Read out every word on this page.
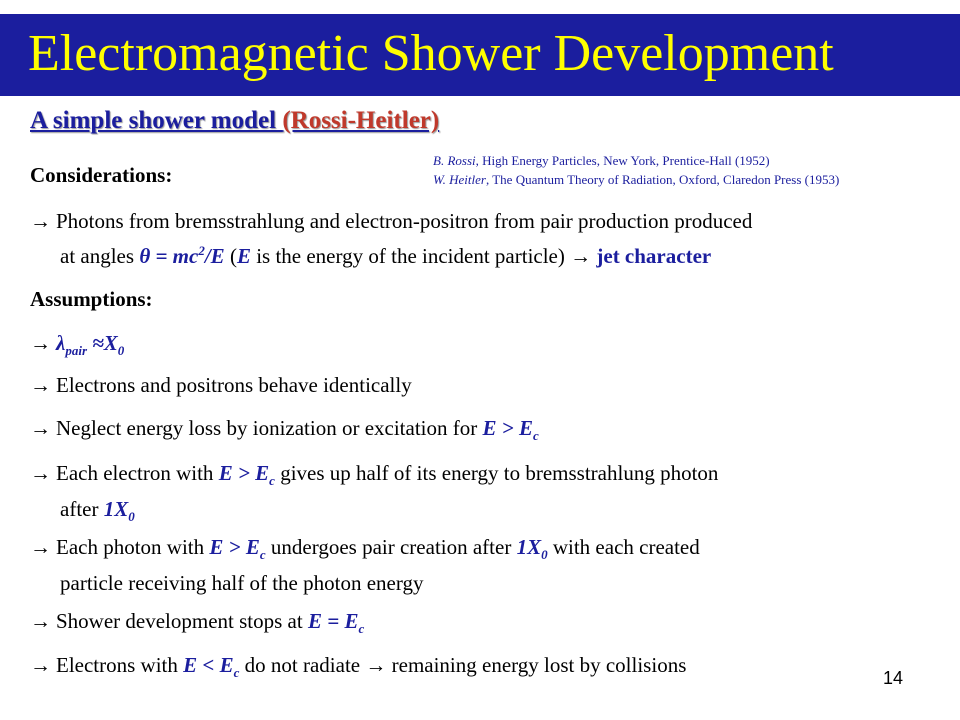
Electromagnetic Shower Development
A simple shower model (Rossi-Heitler)
B. Rossi, High Energy Particles, New York, Prentice-Hall (1952)
W. Heitler, The Quantum Theory of Radiation, Oxford, Claredon Press (1953)
Considerations:
→ Photons from bremsstrahlung and electron-positron from pair production produced
at angles $\theta = mc^2/E$ (E is the energy of the incident particle) → jet character
Assumptions:
→ $\lambda_{pair} \approx X_0$
→ Electrons and positrons behave identically
→ Neglect energy loss by ionization or excitation for $E > E_c$
→ Each electron with $E > E_c$ gives up half of its energy to bremsstrahlung photon
after $1X_0$
→ Each photon with $E > E_c$ undergoes pair creation after $1X_0$ with each created
particle receiving half of the photon energy
→ Shower development stops at $E = E_c$
→ Electrons with $E < E_c$ do not radiate → remaining energy lost by collisions
14
